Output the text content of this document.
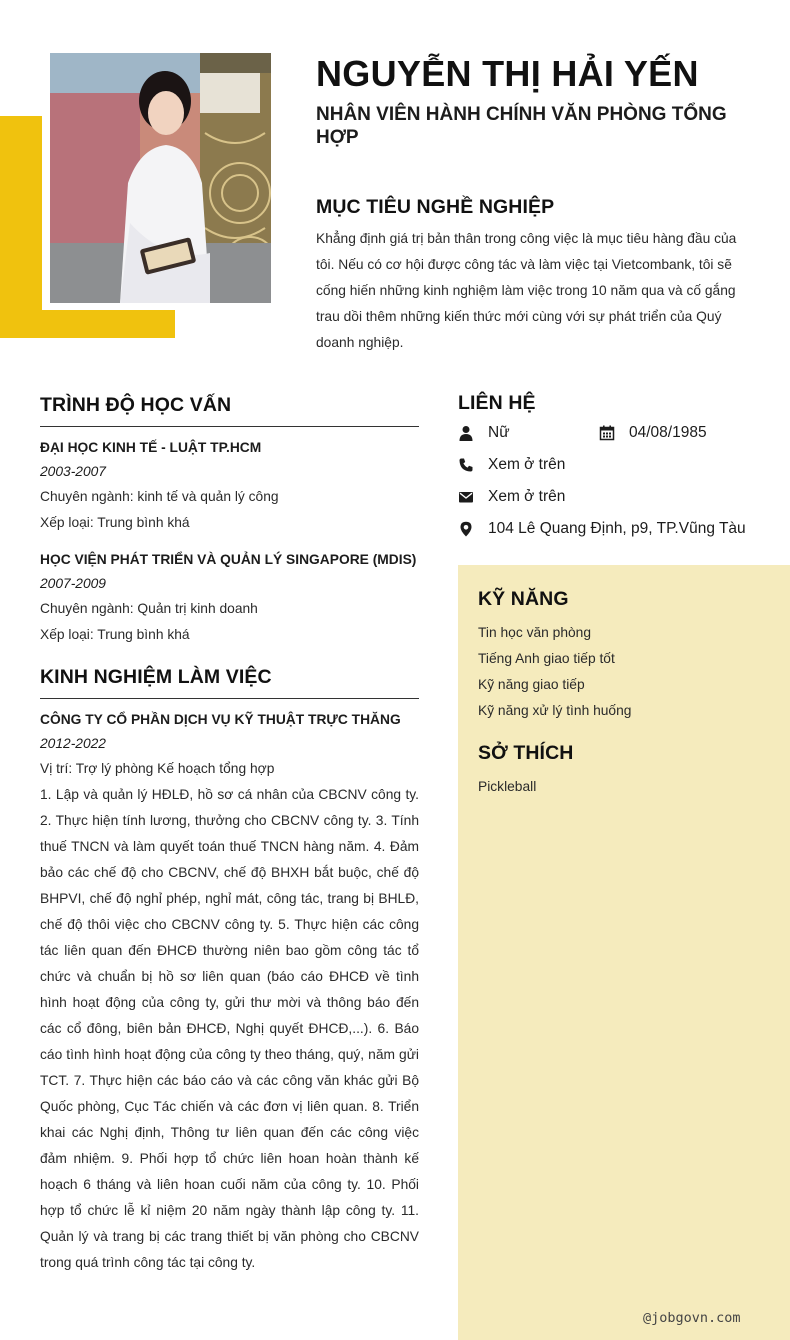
NGUYỄN THỊ HẢI YẾN
NHÂN VIÊN HÀNH CHÍNH VĂN PHÒNG TỔNG HỢP
MỤC TIÊU NGHỀ NGHIỆP
Khẳng định giá trị bản thân trong công việc là mục tiêu hàng đầu của tôi. Nếu có cơ hội được công tác và làm việc tại Vietcombank, tôi sẽ cống hiến những kinh nghiệm làm việc trong 10 năm qua và cố gắng trau dồi thêm những kiến thức mới cùng với sự phát triển của Quý doanh nghiệp.
TRÌNH ĐỘ HỌC VẤN
ĐẠI HỌC KINH TẾ - LUẬT TP.HCM
2003-2007
Chuyên ngành: kinh tế và quản lý công
Xếp loại: Trung bình khá
HỌC VIỆN PHÁT TRIỂN VÀ QUẢN LÝ SINGAPORE (MDIS)
2007-2009
Chuyên ngành: Quản trị kinh doanh
Xếp loại: Trung bình khá
KINH NGHIỆM LÀM VIỆC
CÔNG TY CỔ PHẦN DỊCH VỤ KỸ THUẬT TRỰC THĂNG
2012-2022
Vị trí: Trợ lý phòng Kế hoạch tổng hợp
1. Lập và quản lý HĐLĐ, hồ sơ cá nhân của CBCNV công ty. 2. Thực hiện tính lương, thưởng cho CBCNV công ty. 3. Tính thuế TNCN và làm quyết toán thuế TNCN hàng năm. 4. Đảm bảo các chế độ cho CBCNV, chế độ BHXH bắt buộc, chế độ BHPVI, chế độ nghỉ phép, nghỉ mát, công tác, trang bị BHLĐ, chế độ thôi việc cho CBCNV công ty. 5. Thực hiện các công tác liên quan đến ĐHCĐ thường niên bao gồm công tác tổ chức và chuẩn bị hồ sơ liên quan (báo cáo ĐHCĐ về tình hình hoạt động của công ty, gửi thư mời và thông báo đến các cổ đông, biên bản ĐHCĐ, Nghị quyết ĐHCĐ,...). 6. Báo cáo tình hình hoạt động của công ty theo tháng, quý, năm gửi TCT. 7. Thực hiện các báo cáo và các công văn khác gửi Bộ Quốc phòng, Cục Tác chiến và các đơn vị liên quan. 8. Triển khai các Nghị định, Thông tư liên quan đến các công việc đảm nhiệm. 9. Phối hợp tổ chức liên hoan hoàn thành kế hoạch 6 tháng và liên hoan cuối năm của công ty. 10. Phối hợp tổ chức lễ kỉ niệm 20 năm ngày thành lập công ty. 11. Quản lý và trang bị các trang thiết bị văn phòng cho CBCNV trong quá trình công tác tại công ty.
LIÊN HỆ
Nữ	04/08/1985
Xem ở trên
Xem ở trên
104 Lê Quang Định, p9, TP.Vũng Tàu
KỸ NĂNG
Tin học văn phòng
Tiếng Anh giao tiếp tốt
Kỹ năng giao tiếp
Kỹ năng xử lý tình huống
SỞ THÍCH
Pickleball
@jobgovn.com
